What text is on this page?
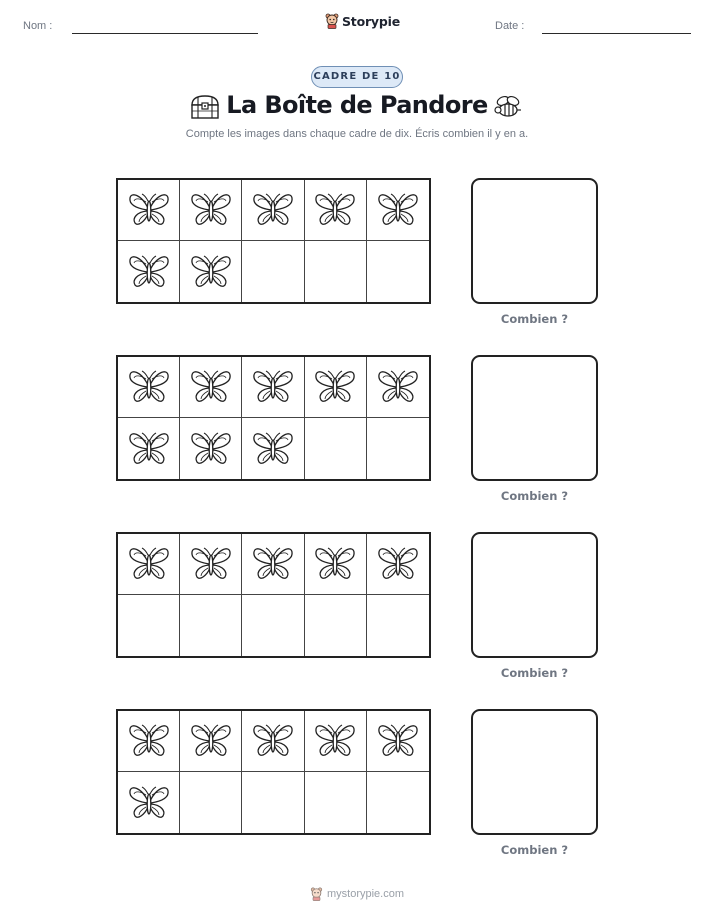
Nom :	Storypie	Date :
CADRE DE 10
La Boîte de Pandore
Compte les images dans chaque cadre de dix. Écris combien il y en a.
Combien ?
Combien ?
Combien ?
Combien ?
mystorypie.com
